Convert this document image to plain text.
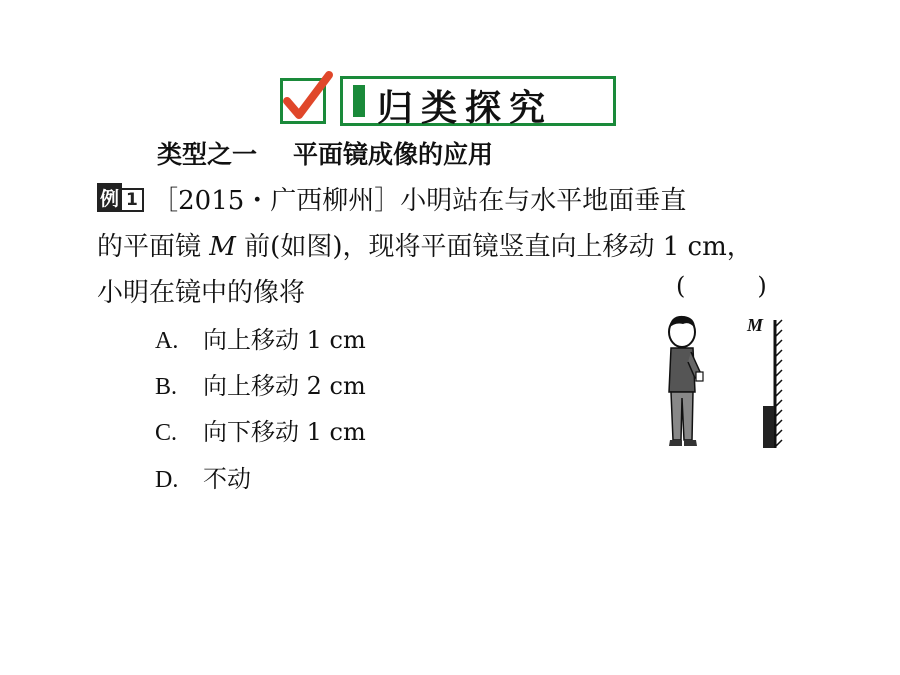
归类探究
类型之一 平面镜成像的应用
例 1 ［2015・广西柳州］小明站在与水平地面垂直
的平面镜 M 前(如图)，现将平面镜竖直向上移动 1 cm，
小明在镜中的像将	(	)
A. 向上移动 1 cm
B. 向上移动 2 cm
C. 向下移动 1 cm
D. 不动
M
